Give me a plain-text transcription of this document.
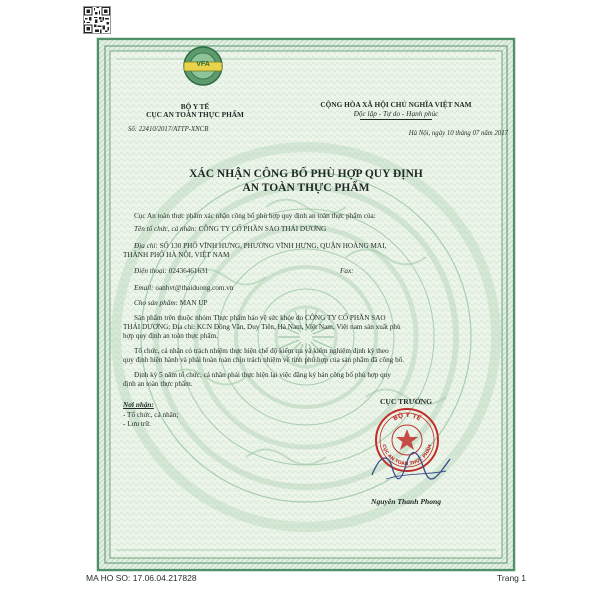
VFA
BỘ Y TẾ
CỤC AN TOÀN THỰC PHẨM
Số: 22410/2017/ATTP-XNCB
CỘNG HÒA XÃ HỘI CHỦ NGHĨA VIỆT NAM
Độc lập - Tự do - Hạnh phúc
Hà Nội, ngày 10 tháng 07 năm 2017
XÁC NHẬN CÔNG BỐ PHÙ HỢP QUY ĐỊNH
AN TOÀN THỰC PHẨM
Cục An toàn thực phẩm xác nhận công bố phù hợp quy định an toàn thực phẩm của:
Tên tổ chức, cá nhân: CÔNG TY CỔ PHẦN SAO THÁI DƯƠNG
Địa chỉ: SỐ 130 PHỐ VĨNH HƯNG, PHƯỜNG VĨNH HƯNG, QUẬN HOÀNG MAI,
THÀNH PHỐ HÀ NỘI, VIỆT NAM
Điện thoại: 02436461631	Fax:
Email: oanhvt@thaiduong.com.vn
Cho sản phẩm: MAN UP
Sản phẩm trên thuộc nhóm Thực phẩm bảo vệ sức khỏe do CÔNG TY CỔ PHẦN SAO
THÁI DƯƠNG; Địa chỉ: KCN Đồng Văn, Duy Tiên, Hà Nam, Việt Nam, Việt nam sản xuất phù
hợp quy định an toàn thực phẩm.
Tổ chức, cá nhân có trách nhiệm thực hiện chế độ kiểm tra và kiểm nghiệm định kỳ theo
quy định hiện hành và phải hoàn toàn chịu trách nhiệm về tính phù hợp của sản phẩm đã công bố.
Định kỳ 5 năm tổ chức, cá nhân phải thực hiện lại việc đăng ký bản công bố phù hợp quy
định an toàn thực phẩm.
Nơi nhận:
- Tổ chức, cá nhân;
- Lưu trữ.
CỤC TRƯỞNG
BỘ Y TẾ
CỤC AN TOÀN THỰC PHẨM
Nguyễn Thanh Phong
MA HO SO: 17.06.04.217828	Trang 1
